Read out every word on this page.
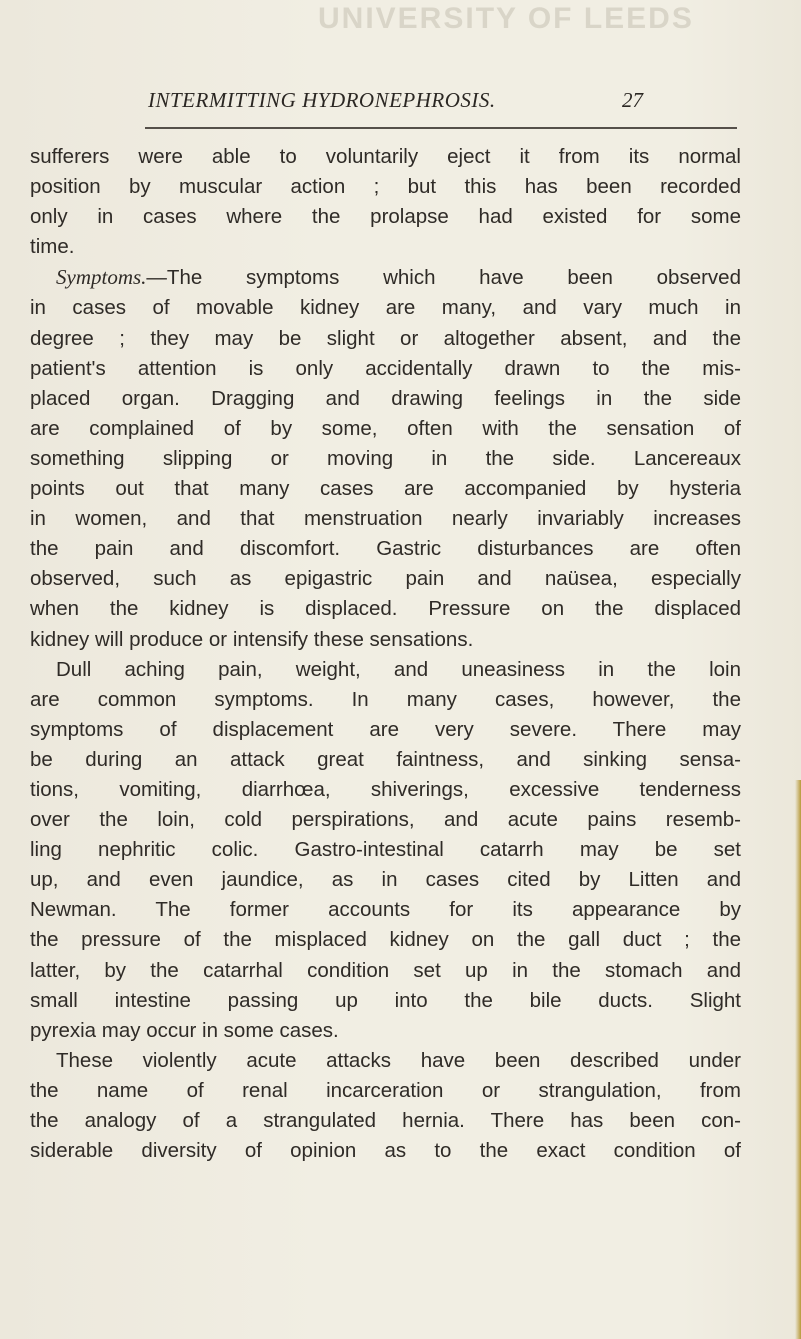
UNIVERSITY OF LEEDS
INTERMITTING HYDRONEPHROSIS.	27

sufferers were able to voluntarily eject it from its normal
position by muscular action ; but this has been recorded
only in cases where the prolapse had existed for some
time.

Symptoms.—The symptoms which have been observed
in cases of movable kidney are many, and vary much in
degree ; they may be slight or altogether absent, and the
patient's attention is only accidentally drawn to the mis-
placed organ. Dragging and drawing feelings in the side
are complained of by some, often with the sensation of
something slipping or moving in the side. Lancereaux
points out that many cases are accompanied by hysteria
in women, and that menstruation nearly invariably increases
the pain and discomfort. Gastric disturbances are often
observed, such as epigastric pain and naüsea, especially
when the kidney is displaced. Pressure on the displaced
kidney will produce or intensify these sensations.

Dull aching pain, weight, and uneasiness in the loin
are common symptoms. In many cases, however, the
symptoms of displacement are very severe. There may
be during an attack great faintness, and sinking sensa-
tions, vomiting, diarrhœa, shiverings, excessive tenderness
over the loin, cold perspirations, and acute pains resemb-
ling nephritic colic. Gastro-intestinal catarrh may be set
up, and even jaundice, as in cases cited by Litten and
Newman. The former accounts for its appearance by
the pressure of the misplaced kidney on the gall duct ; the
latter, by the catarrhal condition set up in the stomach and
small intestine passing up into the bile ducts. Slight
pyrexia may occur in some cases.

These violently acute attacks have been described under
the name of renal incarceration or strangulation, from
the analogy of a strangulated hernia. There has been con-
siderable diversity of opinion as to the exact condition of
